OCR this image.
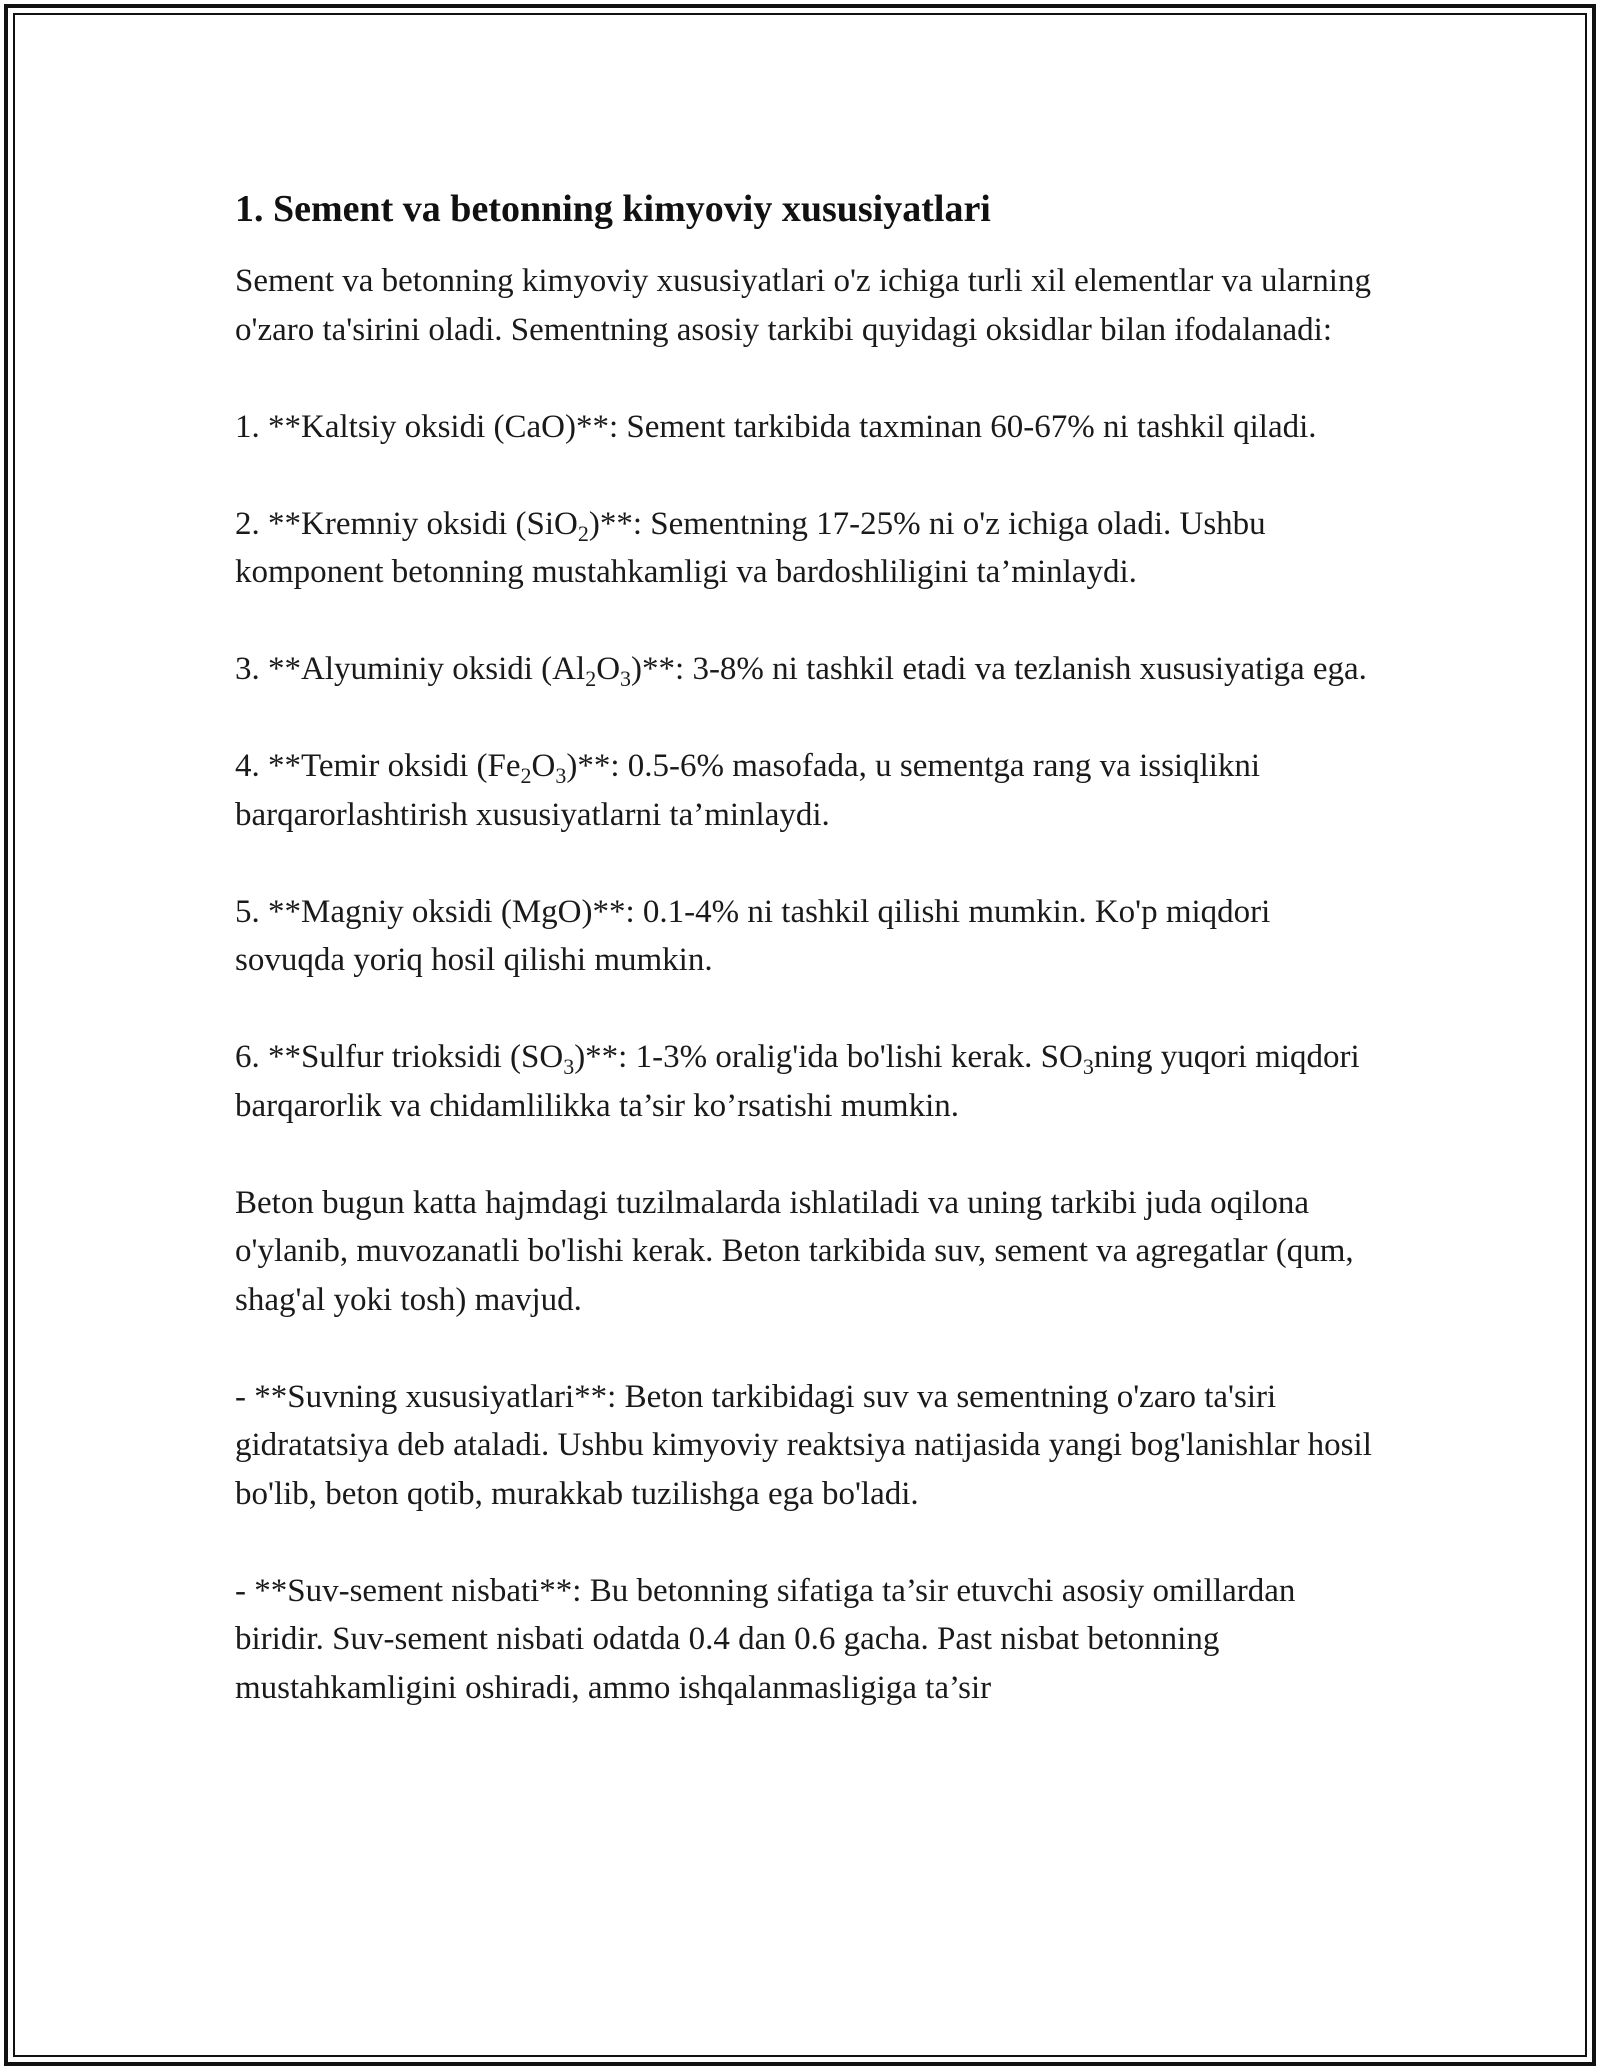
1. Sement va betonning kimyoviy xususiyatlari

Sement va betonning kimyoviy xususiyatlari o'z ichiga turli xil elementlar va ularning o'zaro ta'sirini oladi. Sementning asosiy tarkibi quyidagi oksidlar bilan ifodalanadi:

1. **Kaltsiy oksidi (CaO)**: Sement tarkibida taxminan 60-67% ni tashkil qiladi.

2. **Kremniy oksidi (SiO$_2$)**: Sementning 17-25% ni o'z ichiga oladi. Ushbu komponent betonning mustahkamligi va bardoshliligini ta’minlaydi.

3. **Alyuminiy oksidi $(Al_2O_3)**$: 3-8% ni tashkil etadi va tezlanish xususiyatiga ega.

4. **Temir oksidi $(Fe_2O_3)**$: 0.5-6% masofada, u sementga rang va issiqlikni barqarorlashtirish xususiyatlarni ta’minlaydi.

5. **Magniy oksidi (MgO)**: 0.1-4% ni tashkil qilishi mumkin. Ko'p miqdori sovuqda yoriq hosil qilishi mumkin.

6. **Sulfur trioksidi $(SO_3)**$: 1-3% oralig'ida bo'lishi kerak. $SO_3ning$ yuqori miqdori barqarorlik va chidamlilikka ta’sir ko’rsatishi mumkin.

Beton bugun katta hajmdagi tuzilmalarda ishlatiladi va uning tarkibi juda oqilona o'ylanib, muvozanatli bo'lishi kerak. Beton tarkibida suv, sement va agregatlar (qum, shag'al yoki tosh) mavjud.

- **Suvning xususiyatlari**: Beton tarkibidagi suv va sementning o'zaro ta'siri gidratatsiya deb ataladi. Ushbu kimyoviy reaktsiya natijasida yangi bog'lanishlar hosil bo'lib, beton qotib, murakkab tuzilishga ega bo'ladi.

- **Suv-sement nisbati**: Bu betonning sifatiga ta’sir etuvchi asosiy omillardan biridir. Suv-sement nisbati odatda 0.4 dan 0.6 gacha. Past nisbat betonning mustahkamligini oshiradi, ammo ishqalanmasligiga ta’sir
